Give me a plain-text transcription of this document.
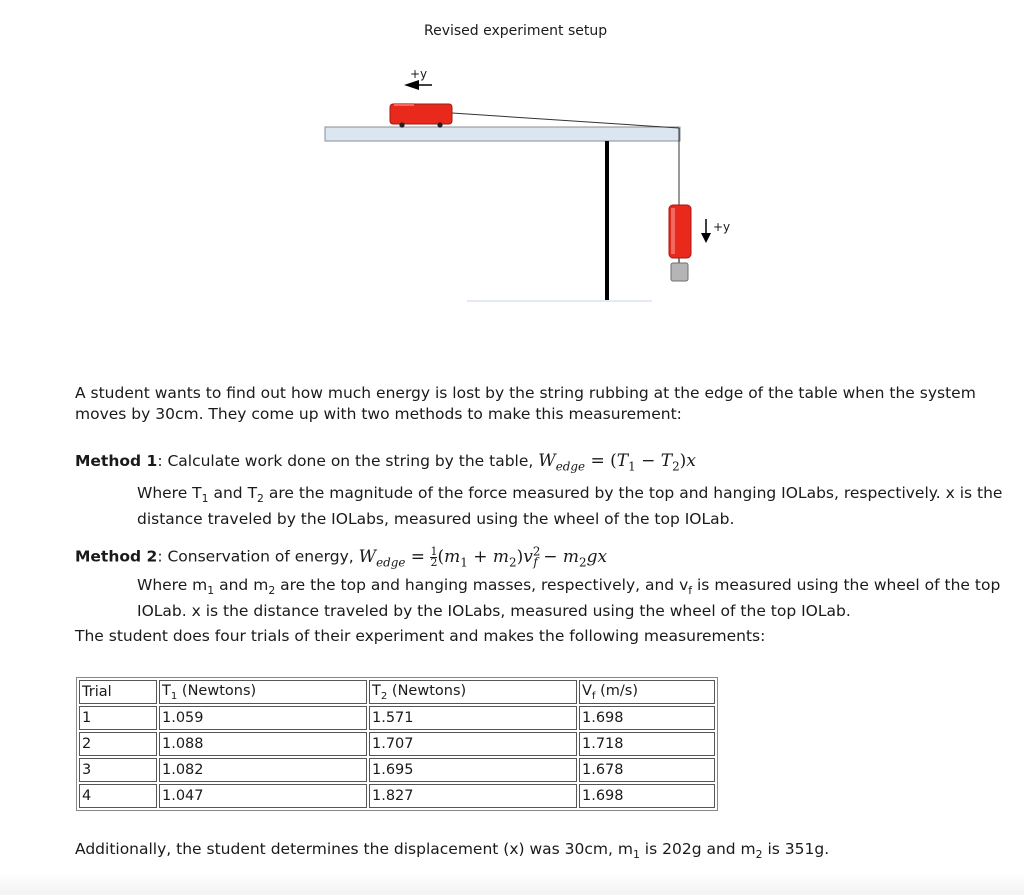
Revised experiment setup
+y
+y

A student wants to find out how much energy is lost by the string rubbing at the edge of the table when the system

moves by 30cm. They come up with two methods to make this measurement:

Method 1: Calculate work done on the string by the table, $W_{edge} = (T_1 - T_2)x$

Where $T_1$ and $T_2$ are the magnitude of the force measured by the top and hanging IOLabs, respectively. x is the

distance traveled by the IOLabs, measured using the wheel of the top IOLab.

Method 2: Conservation of energy, $W_{edge} = \frac{1}{2} (m_1 + m_2)v^2_f - m_2gx$

Where $m_1$ and $m_2$ are the top and hanging masses, respectively, and $v_f$ is measured using the wheel of the top

IOLab. x is the distance traveled by the IOLabs, measured using the wheel of the top IOLab.

The student does four trials of their experiment and makes the following measurements:

Trial	$T_1$ (Newtons)	$T_2$ (Newtons)	$V_f$ (m/s)
1	1.059	1.571	1.698
2	1.088	1.707	1.718
3	1.082	1.695	1.678
4	1.047	1.827	1.698

Additionally, the student determines the displacement (x) was 30cm, $m_1$ is 202g and $m_2$ is 351g.
